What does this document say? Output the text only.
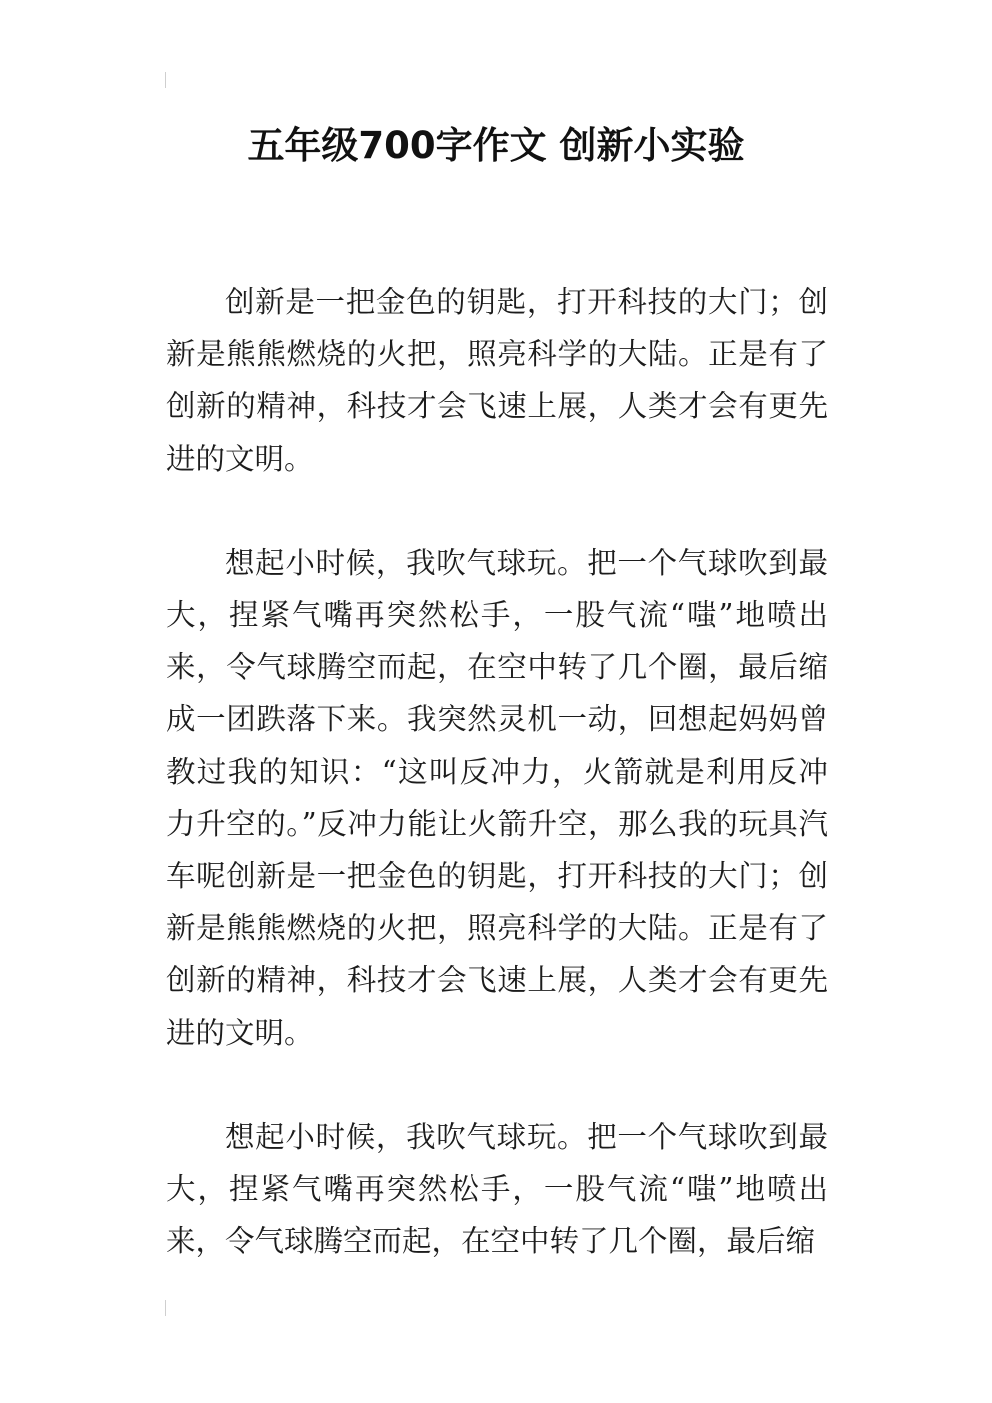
五年级700字作文 创新小实验

创新是一把金色的钥匙，打开科技的大门；创新是熊熊燃烧的火把，照亮科学的大陆。正是有了创新的精神，科技才会飞速上展，人类才会有更先进的文明。

想起小时候，我吹气球玩。把一个气球吹到最大，捏紧气嘴再突然松手，一股气流“嗤”地喷出来，令气球腾空而起，在空中转了几个圈，最后缩成一团跌落下来。我突然灵机一动，回想起妈妈曾教过我的知识：“这叫反冲力，火箭就是利用反冲力升空的。”反冲力能让火箭升空，那么我的玩具汽车呢创新是一把金色的钥匙，打开科技的大门；创新是熊熊燃烧的火把，照亮科学的大陆。正是有了创新的精神，科技才会飞速上展，人类才会有更先进的文明。

想起小时候，我吹气球玩。把一个气球吹到最大，捏紧气嘴再突然松手，一股气流“嗤”地喷出来，令气球腾空而起，在空中转了几个圈，最后缩
